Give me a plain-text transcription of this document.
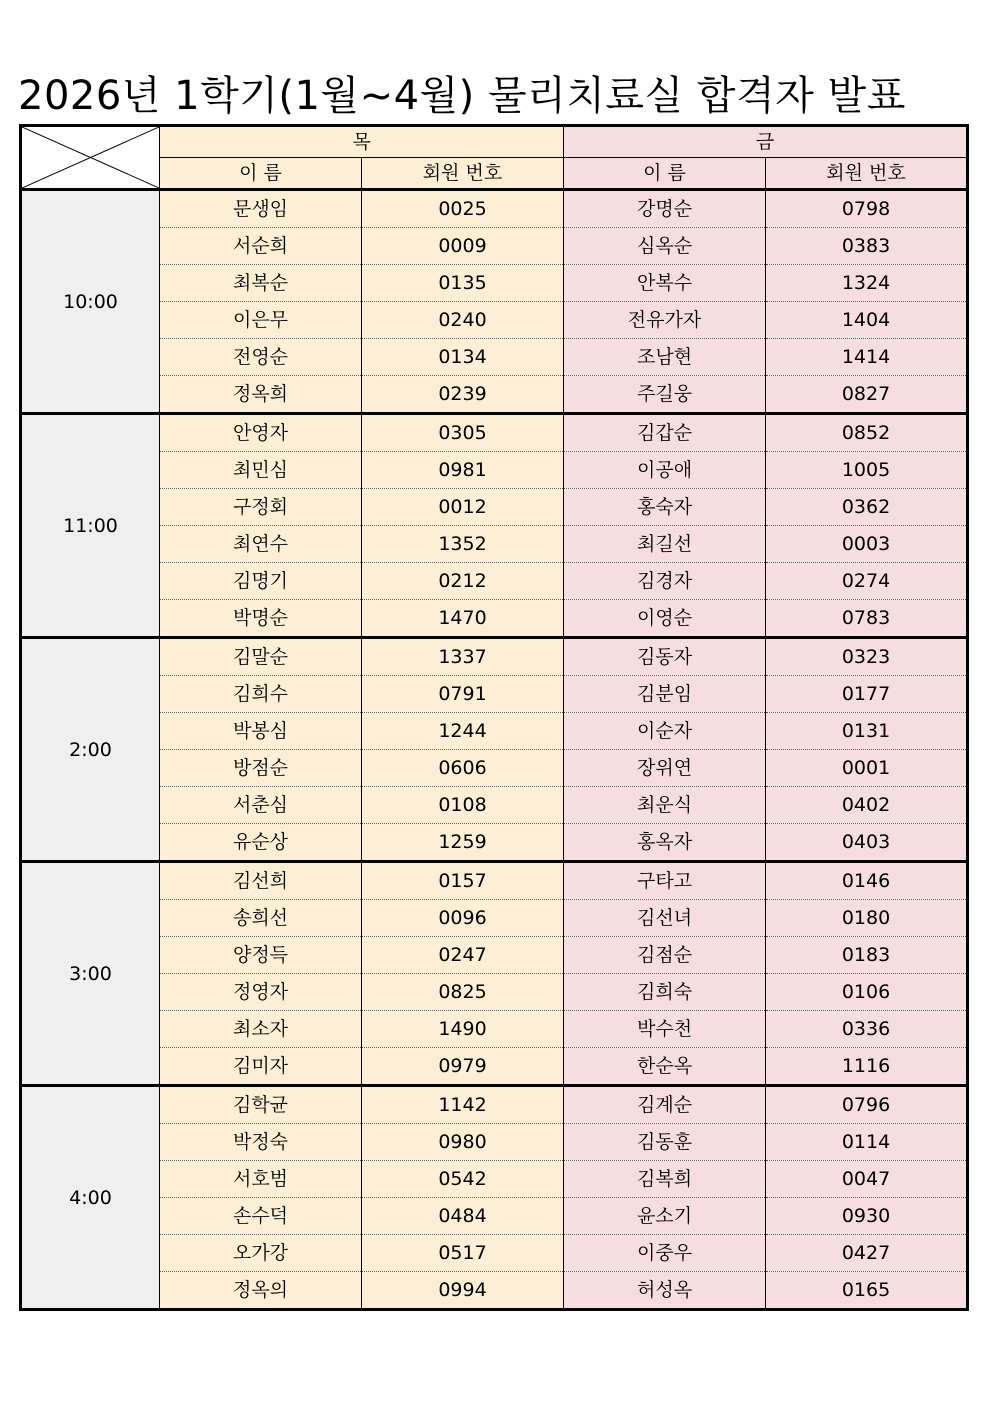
2026년 1학기(1월~4월) 물리치료실 합격자 발표
	목		금	
	이 름	회원 번호	이 름	회원 번호
10:00	문생임	0025	강명순	0798
	서순희	0009	심옥순	0383
	최복순	0135	안복수	1324
	이은무	0240	전유가자	1404
	전영순	0134	조남현	1414
	정옥희	0239	주길웅	0827
11:00	안영자	0305	김갑순	0852
	최민심	0981	이공애	1005
	구정회	0012	홍숙자	0362
	최연수	1352	최길선	0003
	김명기	0212	김경자	0274
	박명순	1470	이영순	0783
2:00	김말순	1337	김동자	0323
	김희수	0791	김분임	0177
	박봉심	1244	이순자	0131
	방점순	0606	장위연	0001
	서춘심	0108	최운식	0402
	유순상	1259	홍옥자	0403
3:00	김선희	0157	구타고	0146
	송희선	0096	김선녀	0180
	양정득	0247	김점순	0183
	정영자	0825	김희숙	0106
	최소자	1490	박수천	0336
	김미자	0979	한순옥	1116
4:00	김학균	1142	김계순	0796
	박정숙	0980	김동훈	0114
	서호범	0542	김복희	0047
	손수덕	0484	윤소기	0930
	오가강	0517	이중우	0427
	정옥의	0994	허성옥	0165
